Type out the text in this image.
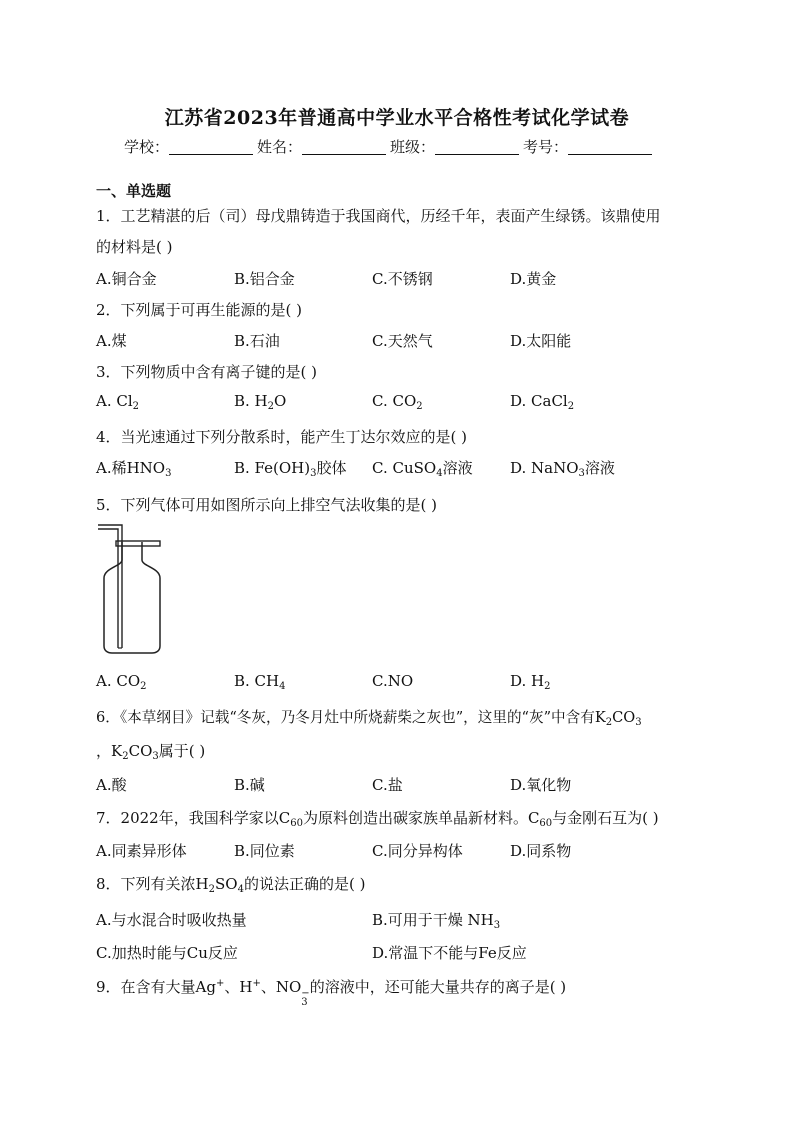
江苏省2023年普通高中学业水平合格性考试化学试卷
学校：	姓名：	班级：	考号：
一、单选题
1．工艺精湛的后（司）母戊鼎铸造于我国商代，历经千年，表面产生绿锈。该鼎使用
的材料是( )
A.铜合金	B.铝合金	C.不锈钢	D.黄金
2．下列属于可再生能源的是( )
A.煤	B.石油	C.天然气	D.太阳能
3．下列物质中含有离子键的是( )
A. $Cl_2$	B. $H_2O$	C. $CO_2$	D. CaCl$_2$
4．当光速通过下列分散系时，能产生丁达尔效应的是( )
A.稀$HNO_3$	B. $Fe(OH)_3$胶体 C. CuSO$_4$溶液 D. NaNO$_3$溶液
5．下列气体可用如图所示向上排空气法收集的是( )
A. $CO_2$	B. $CH_4$	C.NO	D. $H_2$
6．《本草纲目》记载“冬灰，乃冬月灶中所烧薪柴之灰也”，这里的“灰”中含有$K_2CO_3$
，$K_2CO_3$属于( )
A.酸	B.碱	C.盐	D.氧化物
7．2022年，我国科学家以$C_{60}$为原料创造出碳家族单晶新材料。$C_{60}$与金刚石互为( )
A.同素异形体	B.同位素	C.同分异构体	D.同系物
8．下列有关浓$H_2SO_4$的说法正确的是( )
A.与水混合时吸收热量	B.可用于干燥 $NH_3$
C.加热时能与Cu反应	D.常温下不能与Fe反应
9．在含有大量Ag+、H+、NO −
3
的溶液中，还可能大量共存的离子是( )
